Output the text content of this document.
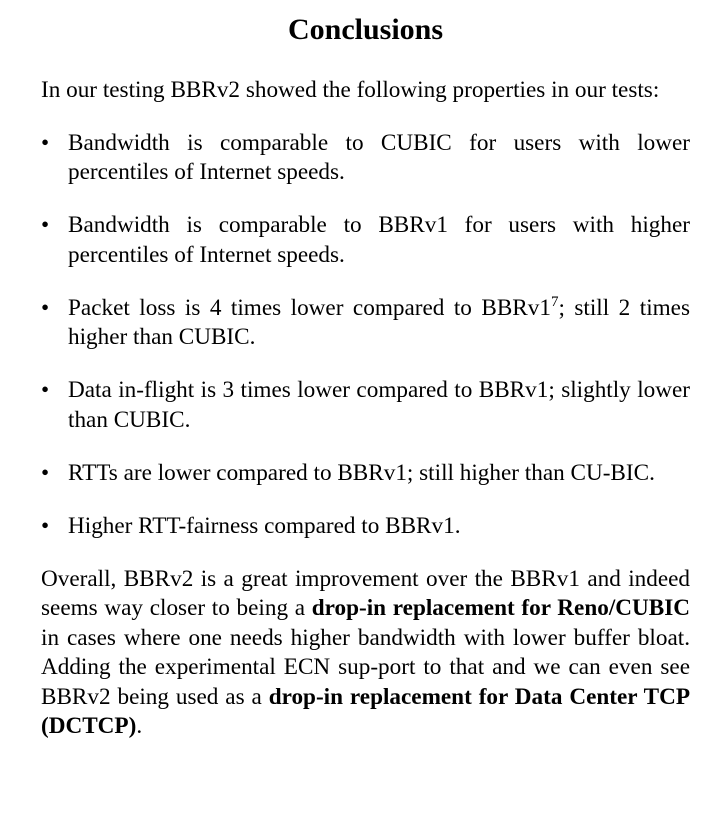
Conclusions

In our testing BBRv2 showed the following properties in our tests:

• Bandwidth is comparable to CUBIC for users with lower percentiles of Internet speeds.
• Bandwidth is comparable to BBRv1 for users with higher percentiles of Internet speeds.
• Packet loss is 4 times lower compared to $BBRv1^7$; still 2 times higher than CUBIC.
• Data in-flight is 3 times lower compared to BBRv1; slightly lower than CUBIC.
• RTTs are lower compared to BBRv1; still higher than CU-BIC.
• Higher RTT-fairness compared to BBRv1.

Overall, BBRv2 is a great improvement over the BBRv1 and indeed seems way closer to being a drop-in replacement for Reno/CUBIC in cases where one needs higher bandwidth with lower buffer bloat. Adding the experimental ECN sup-port to that and we can even see BBRv2 being used as a drop-in replacement for Data Center TCP (DCTCP).
